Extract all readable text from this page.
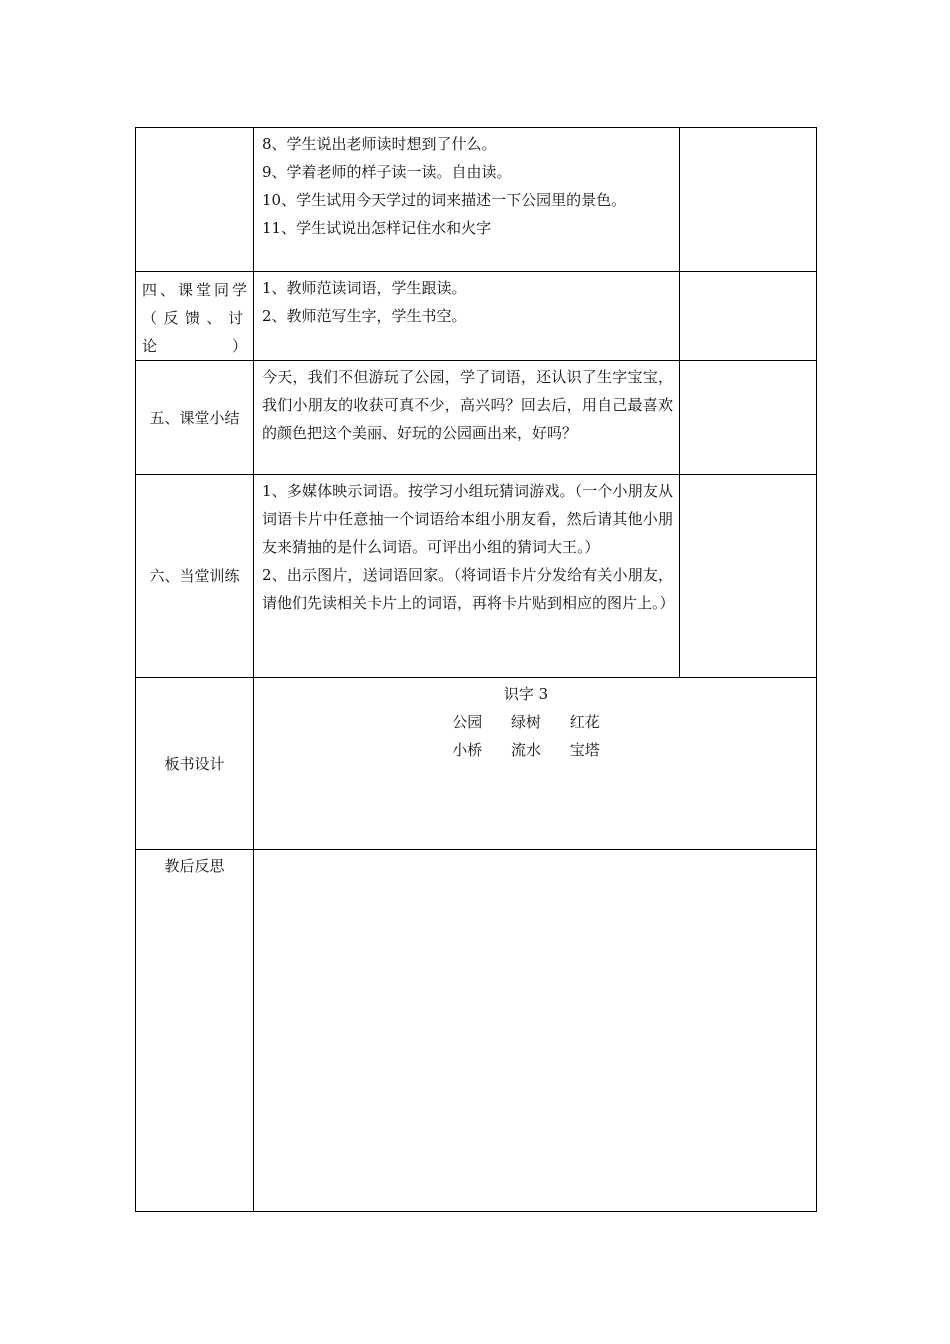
	8、学生说出老师读时想到了什么。
9、学着老师的样子读一读。自由读。
10、学生试用今天学过的词来描述一下公园里的景色。
11、学生试说出怎样记住水和火字	

四、课堂同学
（反馈、讨
论）	1、教师范读词语，学生跟读。
2、教师范写生字，学生书空。	

五、课堂小结	今天，我们不但游玩了公园，学了词语，还认识了生字宝宝，我们小朋友的收获可真不少，高兴吗？回去后，用自己最喜欢的颜色把这个美丽、好玩的公园画出来，好吗？	
六、当堂训练	1、多媒体映示词语。按学习小组玩猜词游戏。（一个小朋友从词语卡片中任意抽一个词语给本组小朋友看，然后请其他小朋友来猜抽的是什么词语。可评出小组的猜词大王。）
2、出示图片，送词语回家。（将词语卡片分发给有关小朋友，请他们先读相关卡片上的词语，再将卡片贴到相应的图片上。）	

板书设计	识字 3
公园 绿树 红花
小桥 流水 宝塔	

教后反思		
